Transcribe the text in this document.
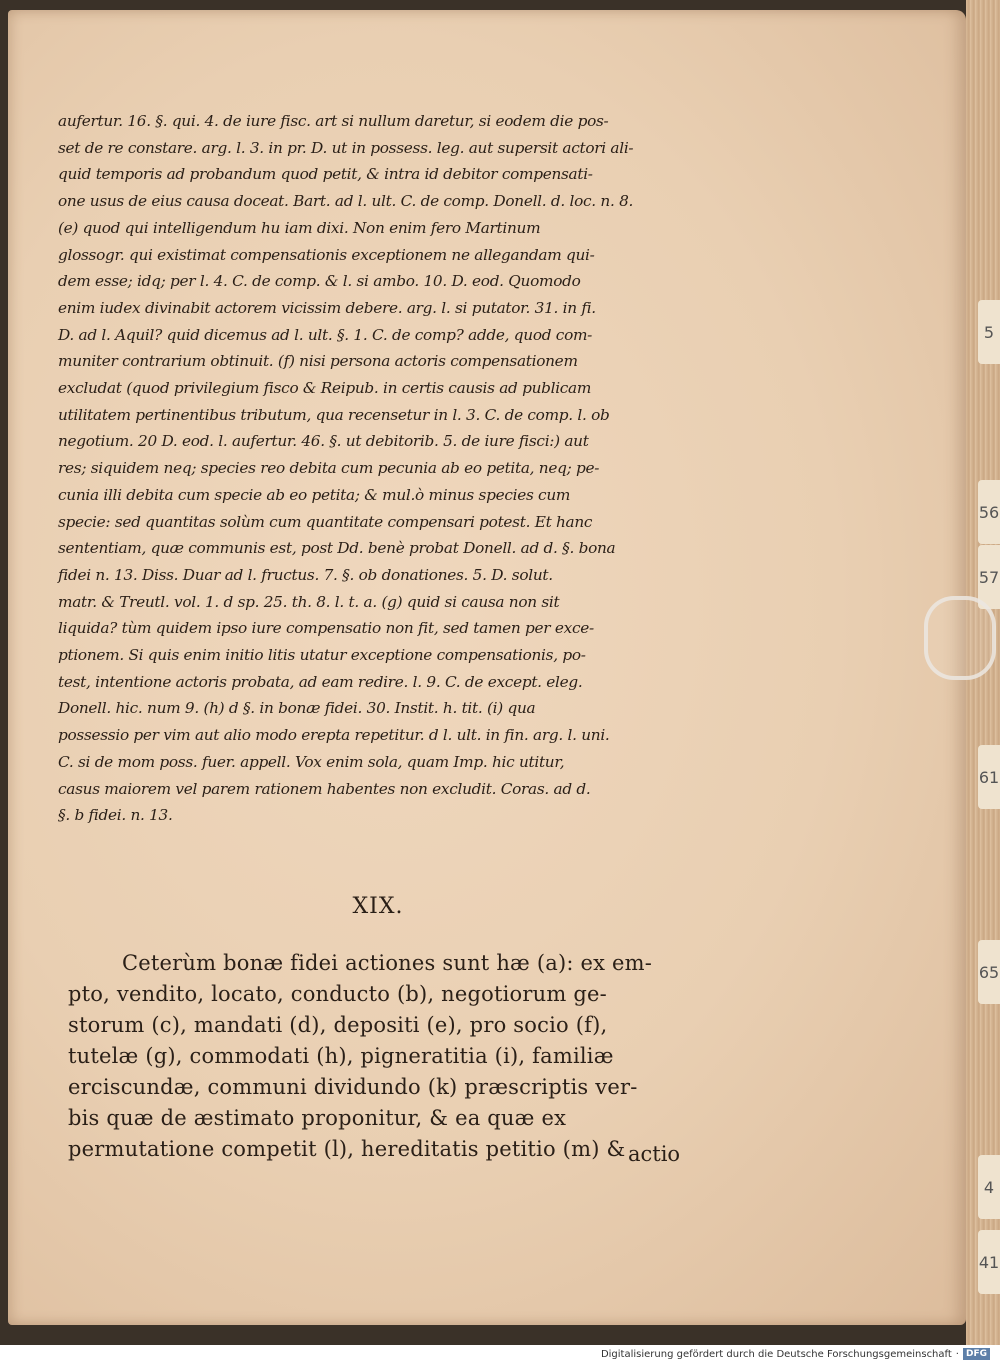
5
56
57
61
65
4
41
aufertur. 16. §. qui. 4. de iure fisc. art si nullum daretur, si eodem die pos-
set de re constare. arg. l. 3. in pr. D. ut in possess. leg. aut supersit actori ali-
quid temporis ad probandum quod petit, & intra id debitor compensati-
one usus de eius causa doceat. Bart. ad l. ult. C. de comp. Donell. d. loc. n. 8.
(e) quod qui intelligendum hu iam dixi. Non enim fero Martinum
glossogr. qui existimat compensationis exceptionem ne allegandam qui-
dem esse; idq; per l. 4. C. de comp. & l. si ambo. 10. D. eod. Quomodo
enim iudex divinabit actorem vicissim debere. arg. l. si putator. 31. in fi.
D. ad l. Aquil? quid dicemus ad l. ult. §. 1. C. de comp? adde, quod com-
muniter contrarium obtinuit. (f) nisi persona actoris compensationem
excludat (quod privilegium fisco & Reipub. in certis causis ad publicam
utilitatem pertinentibus tributum, qua recensetur in l. 3. C. de comp. l. ob
negotium. 20 D. eod. l. aufertur. 46. §. ut debitorib. 5. de iure fisci:) aut
res; siquidem neq; species reo debita cum pecunia ab eo petita, neq; pe-
cunia illi debita cum specie ab eo petita; & mul.ò minus species cum
specie: sed quantitas solùm cum quantitate compensari potest. Et hanc
sententiam, quæ communis est, post Dd. benè probat Donell. ad d. §. bona
fidei n. 13. Diss. Duar ad l. fructus. 7. §. ob donationes. 5. D. solut.
matr. & Treutl. vol. 1. d sp. 25. th. 8. l. t. a. (g) quid si causa non sit
liquida? tùm quidem ipso iure compensatio non fit, sed tamen per exce-
ptionem. Si quis enim initio litis utatur exceptione compensationis, po-
test, intentione actoris probata, ad eam redire. l. 9. C. de except. eleg.
Donell. hic. num 9. (h) d §. in bonæ fidei. 30. Instit. h. tit. (i) qua
possessio per vim aut alio modo erepta repetitur. d l. ult. in fin. arg. l. uni.
C. si de mom poss. fuer. appell. Vox enim sola, quam Imp. hic utitur,
casus maiorem vel parem rationem habentes non excludit. Coras. ad d.
§. b fidei. n. 13.
XIX.
Ceterùm bonæ fidei actiones sunt hæ (a): ex em-
pto, vendito, locato, conducto (b), negotiorum ge-
storum (c), mandati (d), depositi (e), pro socio (f),
tutelæ (g), commodati (h), pigneratitia (i), familiæ
erciscundæ, communi dividundo (k) præscriptis ver-
bis quæ de æstimato proponitur, & ea quæ ex
permutatione competit (l), hereditatis petitio (m) & actio
Digitalisierung gefördert durch die Deutsche Forschungsgemeinschaft · DFG
